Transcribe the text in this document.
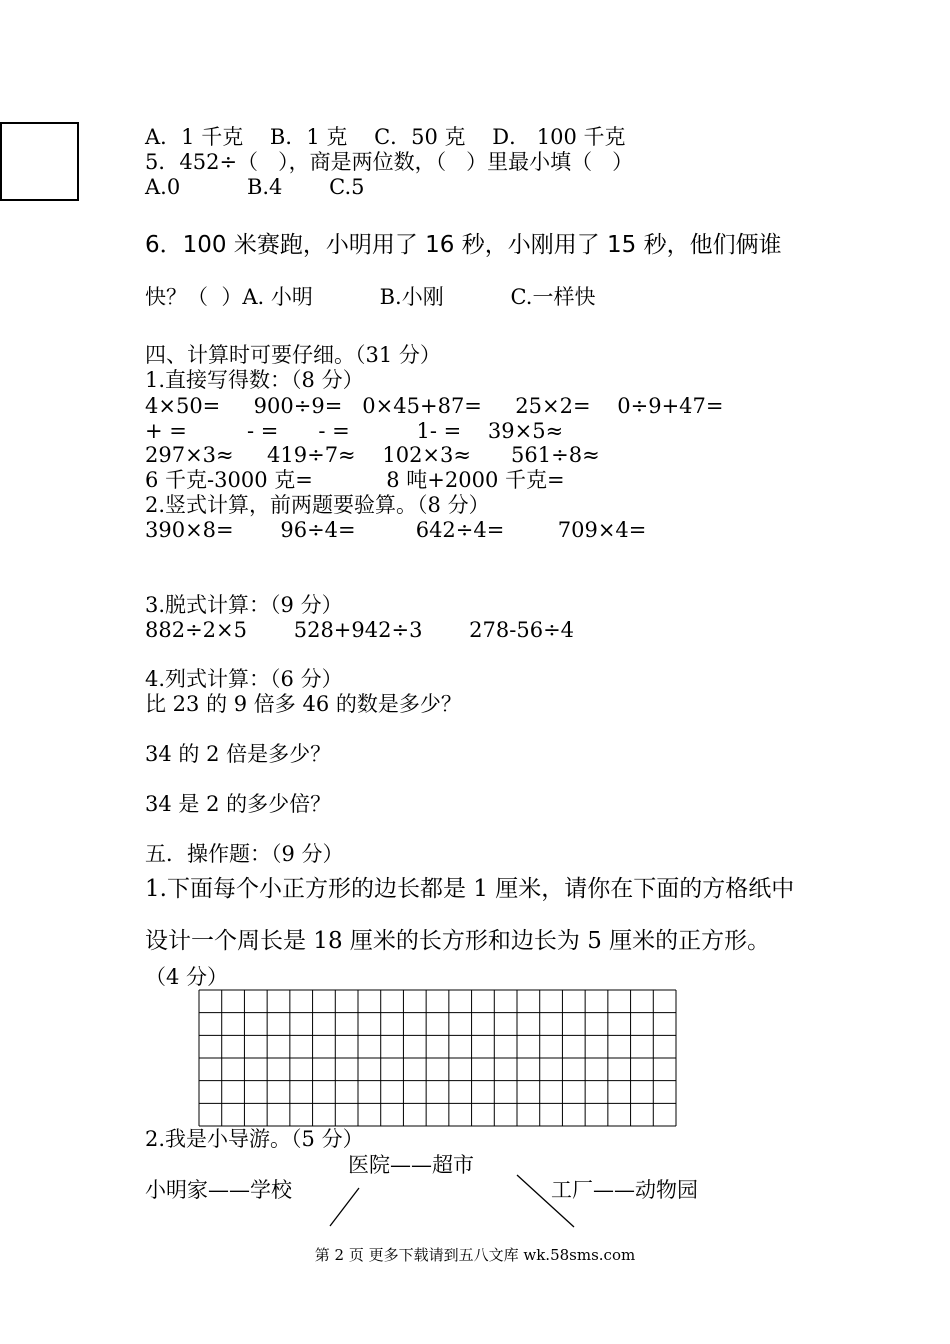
A．1 千克    B．1 克    C．50 克    D． 100 千克
5．452÷（   ），商是两位数，（   ）里最小填（   ）
A.0          B.4       C.5
6．100 米赛跑，小明用了 16 秒，小刚用了 15 秒，他们俩谁
快？（  ）A. 小明          B.小刚          C.一样快
四、计算时可要仔细。（31 分）
1.直接写得数：（8 分）
4×50=     900÷9=   0×45+87=     25×2=    0÷9+47=
+ =         - =      - =          1- =    39×5≈
297×3≈     419÷7≈    102×3≈      561÷8≈
6 千克-3000 克=           8 吨+2000 千克=
2.竖式计算，前两题要验算。（8 分）
390×8=       96÷4=         642÷4=        709×4=
3.脱式计算：（9 分）
882÷2×5       528+942÷3       278-56÷4
4.列式计算：（6 分）
比 23 的 9 倍多 46 的数是多少？
34 的 2 倍是多少？
34 是 2 的多少倍？
五．操作题：（9 分）
1.下面每个小正方形的边长都是 1 厘米，请你在下面的方格纸中
设计一个周长是 18 厘米的长方形和边长为 5 厘米的正方形。
（4 分）
2.我是小导游。（5 分）
医院——超市
小明家——学校	工厂——动物园
第 2 页 更多下载请到五八文库 wk.58sms.com
